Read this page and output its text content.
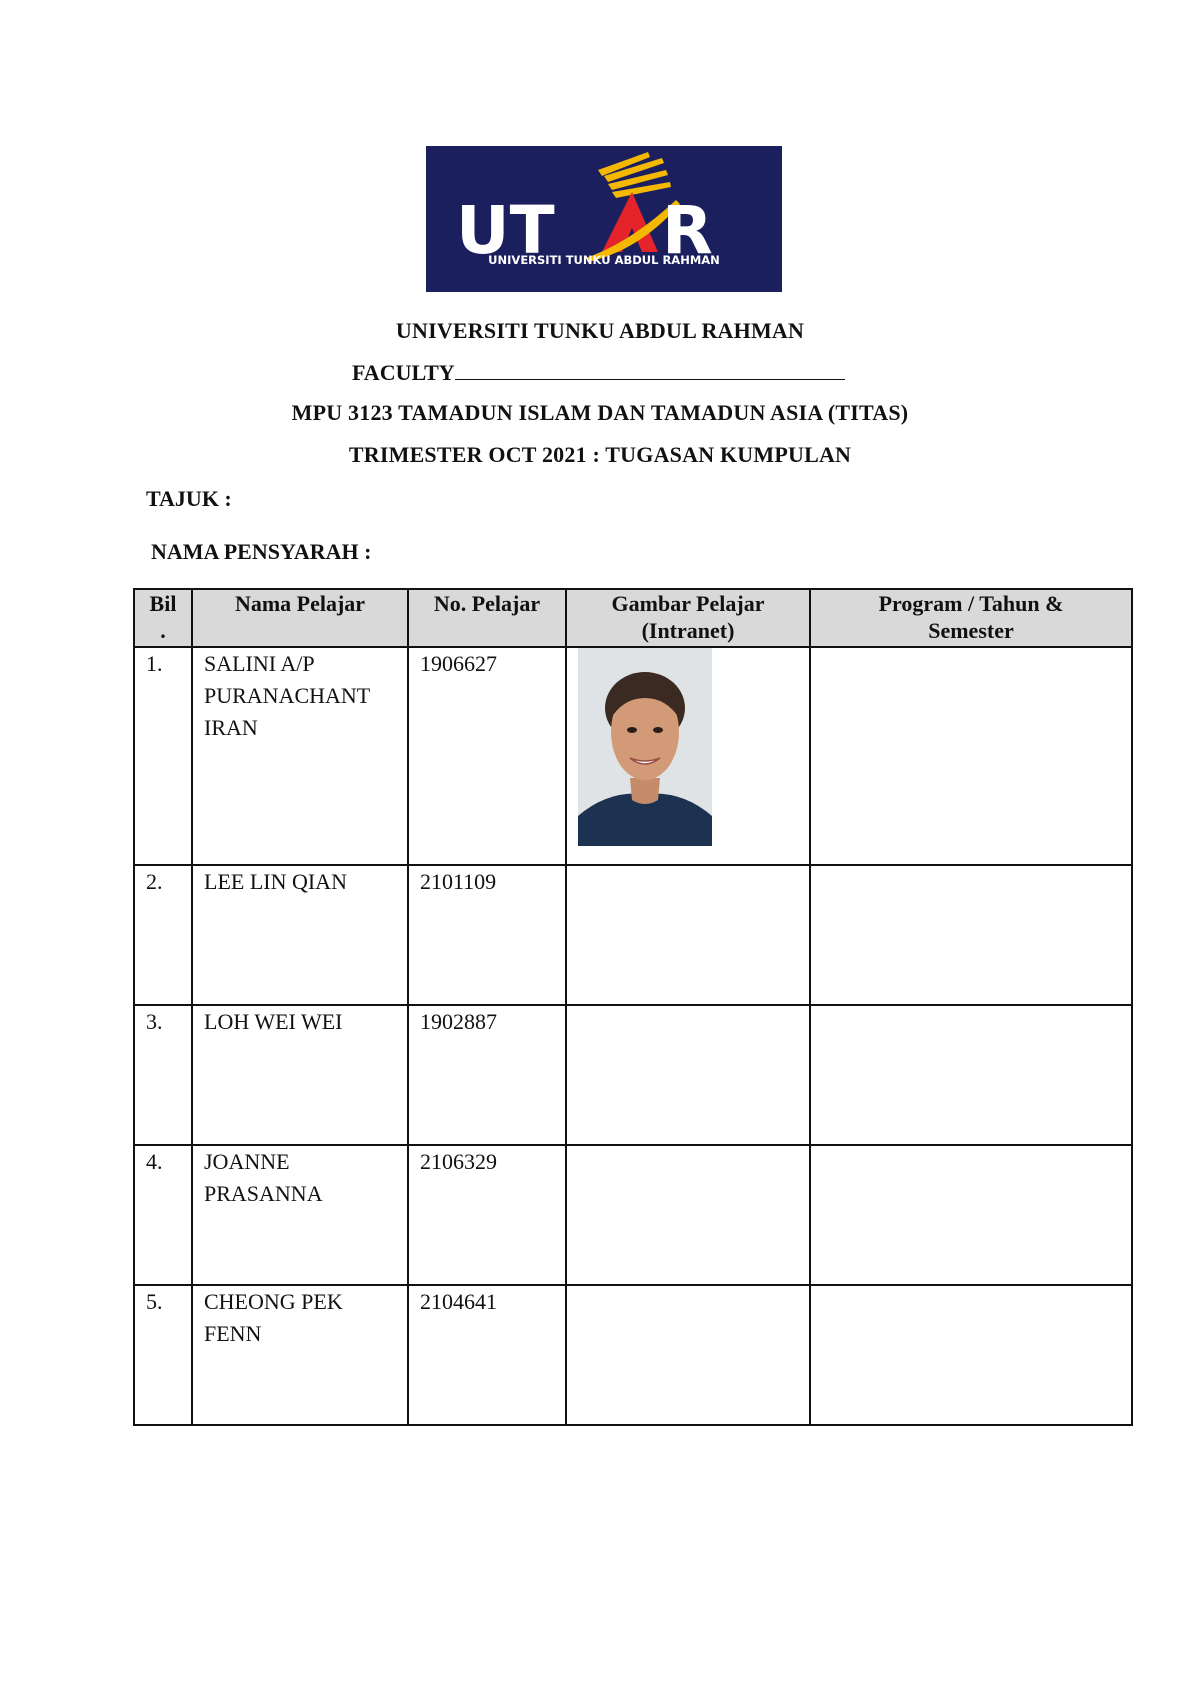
UT R
UNIVERSITI TUNKU ABDUL RAHMAN
UNIVERSITI TUNKU ABDUL RAHMAN
FACULTY
MPU 3123 TAMADUN ISLAM DAN TAMADUN ASIA (TITAS)
TRIMESTER OCT 2021 : TUGASAN KUMPULAN
TAJUK :
NAMA PENSYARAH :
Bil .	Nama Pelajar	No. Pelajar	Gambar Pelajar (Intranet)	Program / Tahun & Semester
1.	SALINI A/P PURANACHANT IRAN	1906627	

2.	LEE LIN QIAN	2101109		
3.	LOH WEI WEI	1902887		
4.	JOANNE PRASANNA	2106329		
5.	CHEONG PEK FENN	2104641		
